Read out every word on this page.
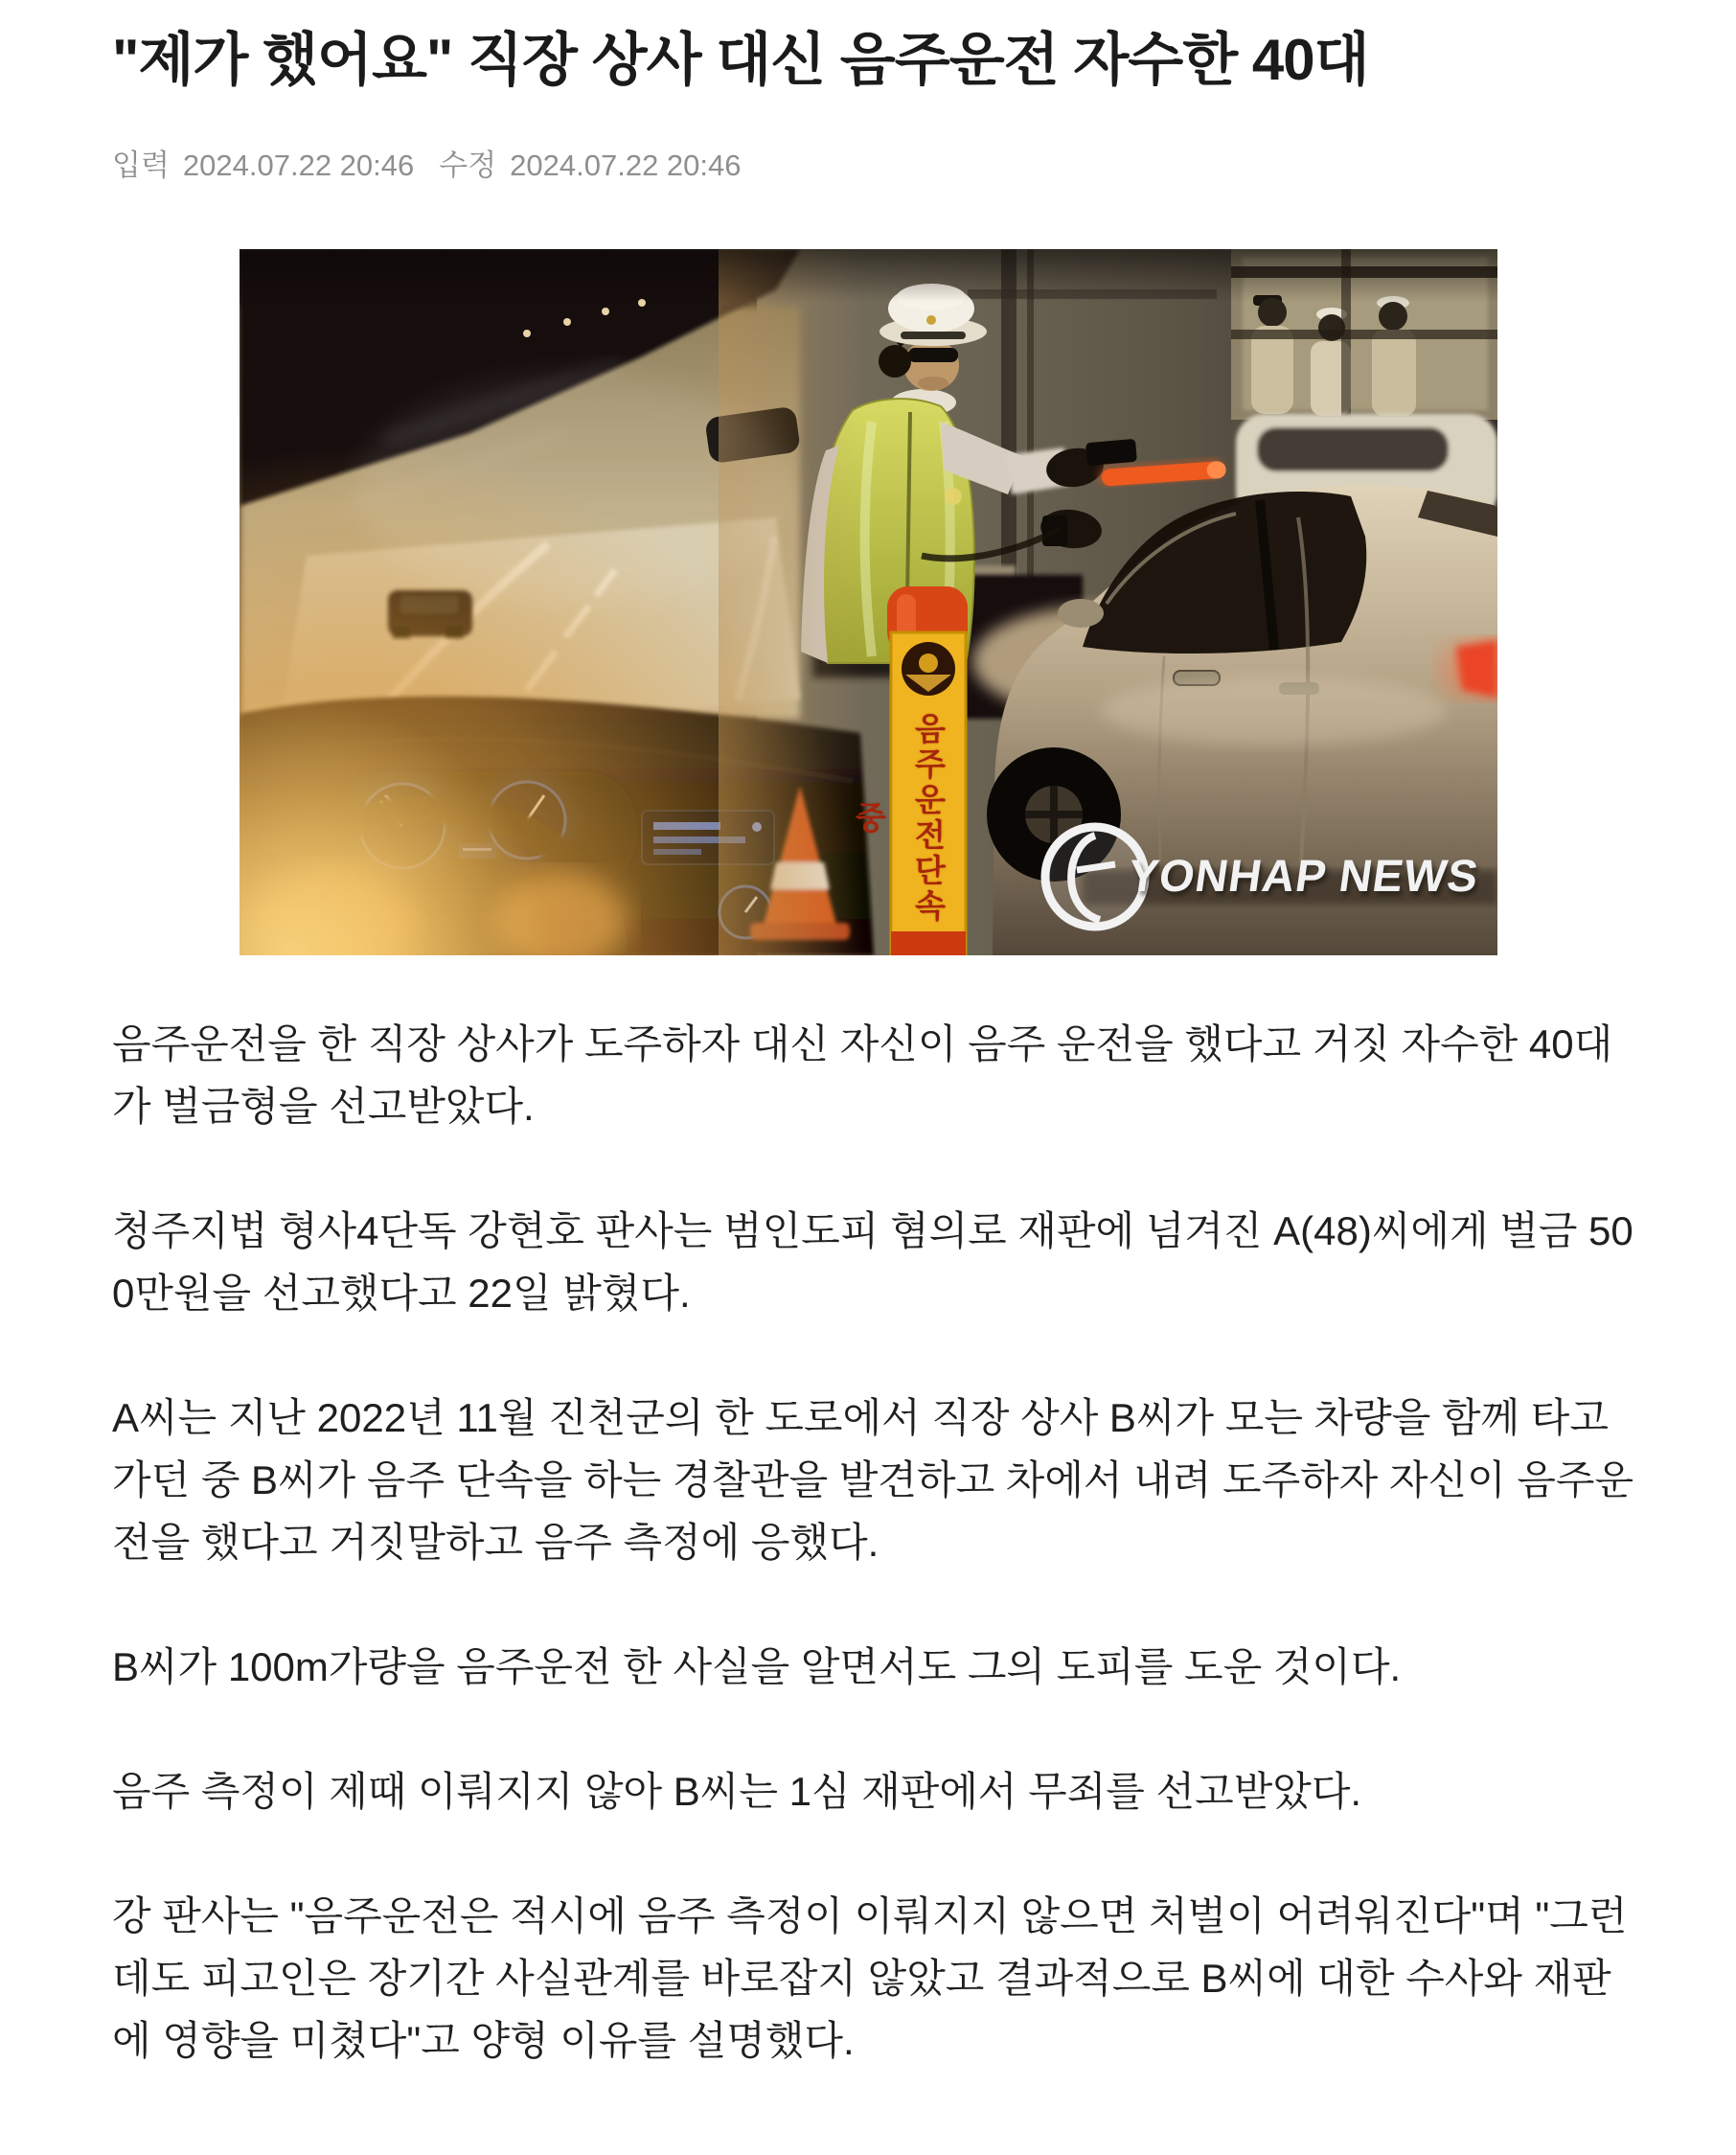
"제가 했어요" 직장 상사 대신 음주운전 자수한 40대
입력 2024.07.22 20:46 수정 2024.07.22 20:46
음주운전단속중
YONHAP NEWS

음주운전을 한 직장 상사가 도주하자 대신 자신이 음주 운전을 했다고 거짓 자수한 40대가 벌금형을 선고받았다.

청주지법 형사4단독 강현호 판사는 범인도피 혐의로 재판에 넘겨진 A(48)씨에게 벌금 500만원을 선고했다고 22일 밝혔다.

A씨는 지난 2022년 11월 진천군의 한 도로에서 직장 상사 B씨가 모는 차량을 함께 타고 가던 중 B씨가 음주 단속을 하는 경찰관을 발견하고 차에서 내려 도주하자 자신이 음주운전을 했다고 거짓말하고 음주 측정에 응했다.

B씨가 100m가량을 음주운전 한 사실을 알면서도 그의 도피를 도운 것이다.

음주 측정이 제때 이뤄지지 않아 B씨는 1심 재판에서 무죄를 선고받았다.

강 판사는 "음주운전은 적시에 음주 측정이 이뤄지지 않으면 처벌이 어려워진다"며 "그런데도 피고인은 장기간 사실관계를 바로잡지 않았고 결과적으로 B씨에 대한 수사와 재판에 영향을 미쳤다"고 양형 이유를 설명했다.
